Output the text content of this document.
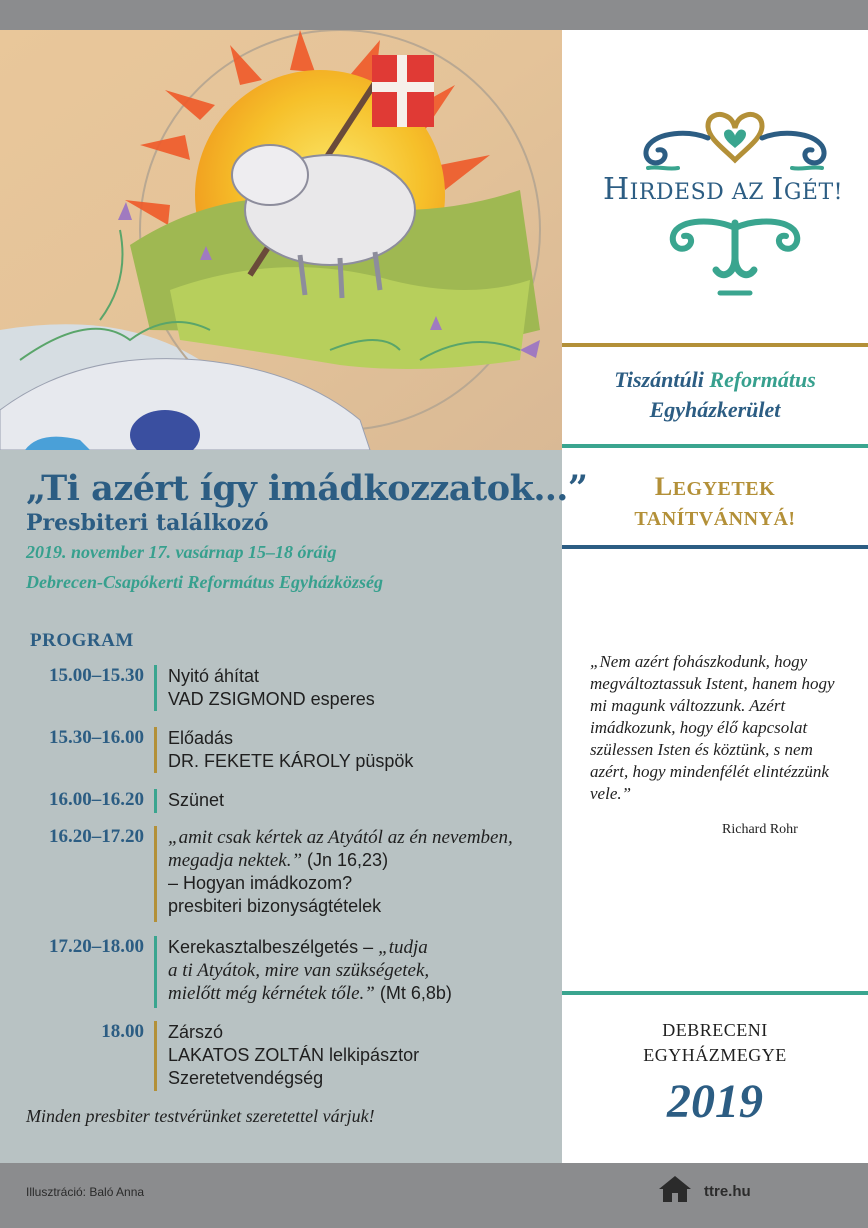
„Ti azért így imádkozzatok…”
Presbiteri találkozó
2019. november 17. vasárnap 15–18 óráig
Debrecen-Csapókerti Református Egyházközség
PROGRAM
15.00–15.30 Nyitó áhítat
VAD ZSIGMOND esperes
15.30–16.00 Előadás
DR. FEKETE KÁROLY püspök
16.00–16.20 Szünet
16.20–17.20 „amit csak kértek az Atyától az én nevemben,
megadja nektek.” (Jn 16,23)
– Hogyan imádkozom?
presbiteri bizonyságtételek
17.20–18.00 Kerekasztalbeszélgetés – „tudja
a ti Atyátok, mire van szükségetek,
mielőtt még kérnétek tőle.” (Mt 6,8b)
18.00 Zárszó
LAKATOS ZOLTÁN lelkipásztor
Szeretetvendégség
Minden presbiter testvérünket szeretettel várjuk!
HIRDESD AZ IGÉT!
Tiszántúli Református
Egyházkerület
LEGYETEK
TANÍTVÁNNYÁ!
„Nem azért fohászkodunk, hogy megváltoztassuk Istent, hanem hogy mi magunk változzunk. Azért imádkozunk, hogy élő kapcsolat szülessen Isten és köztünk, s nem azért, hogy mindenfélét elintézzünk vele.”
Richard Rohr
DEBRECENI
EGYHÁZMEGYE
2019
Illusztráció: Baló Anna	ttre.hu
